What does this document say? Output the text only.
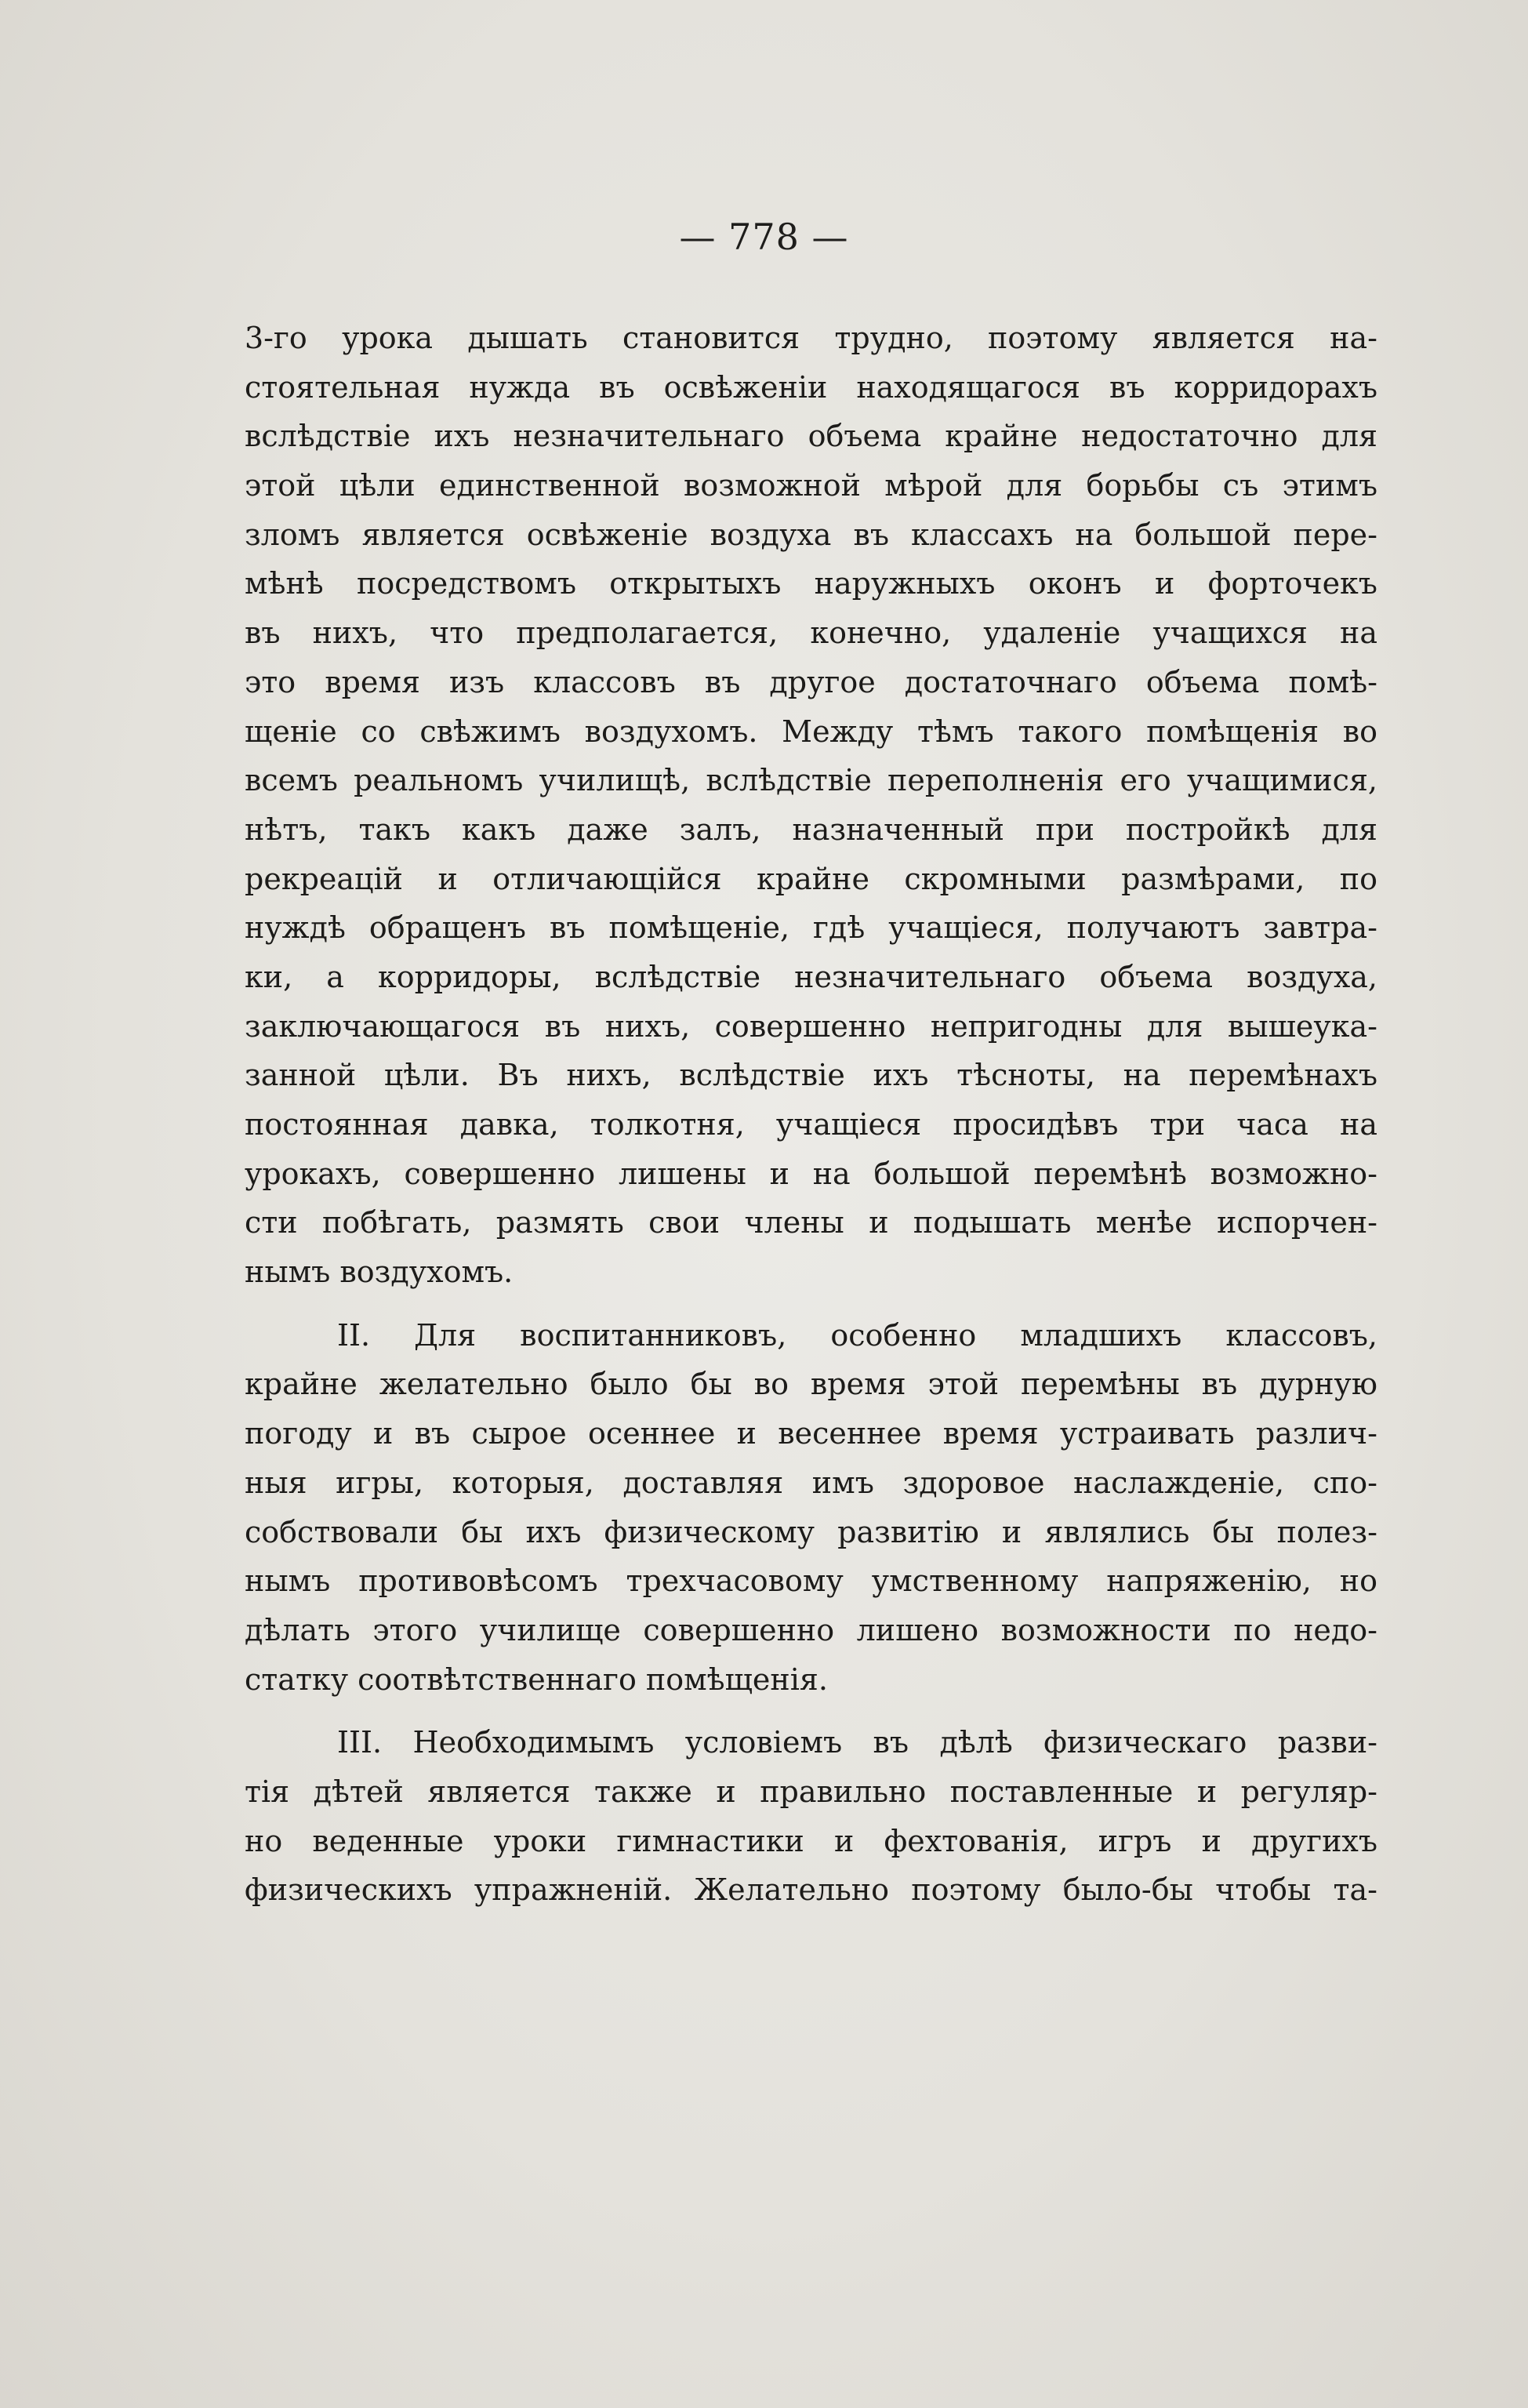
— 778 —
3-го урока дышать становится трудно, поэтому является на-
стоятельная нужда въ освѣженіи находящагося въ корридорахъ
вслѣдствіе ихъ незначительнаго объема крайне недостаточно для
этой цѣли единственной возможной мѣрой для борьбы съ этимъ
зломъ является освѣженіе воздуха въ классахъ на большой пере-
мѣнѣ посредствомъ открытыхъ наружныхъ оконъ и форточекъ
въ нихъ, что предполагается, конечно, удаленіе учащихся на
это время изъ классовъ въ другое достаточнаго объема помѣ-
щеніе со свѣжимъ воздухомъ. Между тѣмъ такого помѣщенія во
всемъ реальномъ училищѣ, вслѣдствіе переполненія его учащимися,
нѣтъ, такъ какъ даже залъ, назначенный при постройкѣ для
рекреацій и отличающійся крайне скромными размѣрами, по
нуждѣ обращенъ въ помѣщеніе, гдѣ учащіеся, получаютъ завтра-
ки, а корридоры, вслѣдствіе незначительнаго объема воздуха,
заключающагося въ нихъ, совершенно непригодны для вышеука-
занной цѣли. Въ нихъ, вслѣдствіе ихъ тѣсноты, на перемѣнахъ
постоянная давка, толкотня, учащіеся просидѣвъ три часа на
урокахъ, совершенно лишены и на большой перемѣнѣ возможно-
сти побѣгать, размять свои члены и подышать менѣе испорчен-
нымъ воздухомъ.
II. Для воспитанниковъ, особенно младшихъ классовъ,
крайне желательно было бы во время этой перемѣны въ дурную
погоду и въ сырое осеннее и весеннее время устраивать различ-
ныя игры, которыя, доставляя имъ здоровое наслажденіе, спо-
собствовали бы ихъ физическому развитію и являлись бы полез-
нымъ противовѣсомъ трехчасовому умственному напряженію, но
дѣлать этого училище совершенно лишено возможности по недо-
статку соотвѣтственнаго помѣщенія.
III. Необходимымъ условіемъ въ дѣлѣ физическаго разви-
тія дѣтей является также и правильно поставленные и регуляр-
но веденные уроки гимнастики и фехтованія, игръ и другихъ
физическихъ упражненій. Желательно поэтому было-бы чтобы та-
